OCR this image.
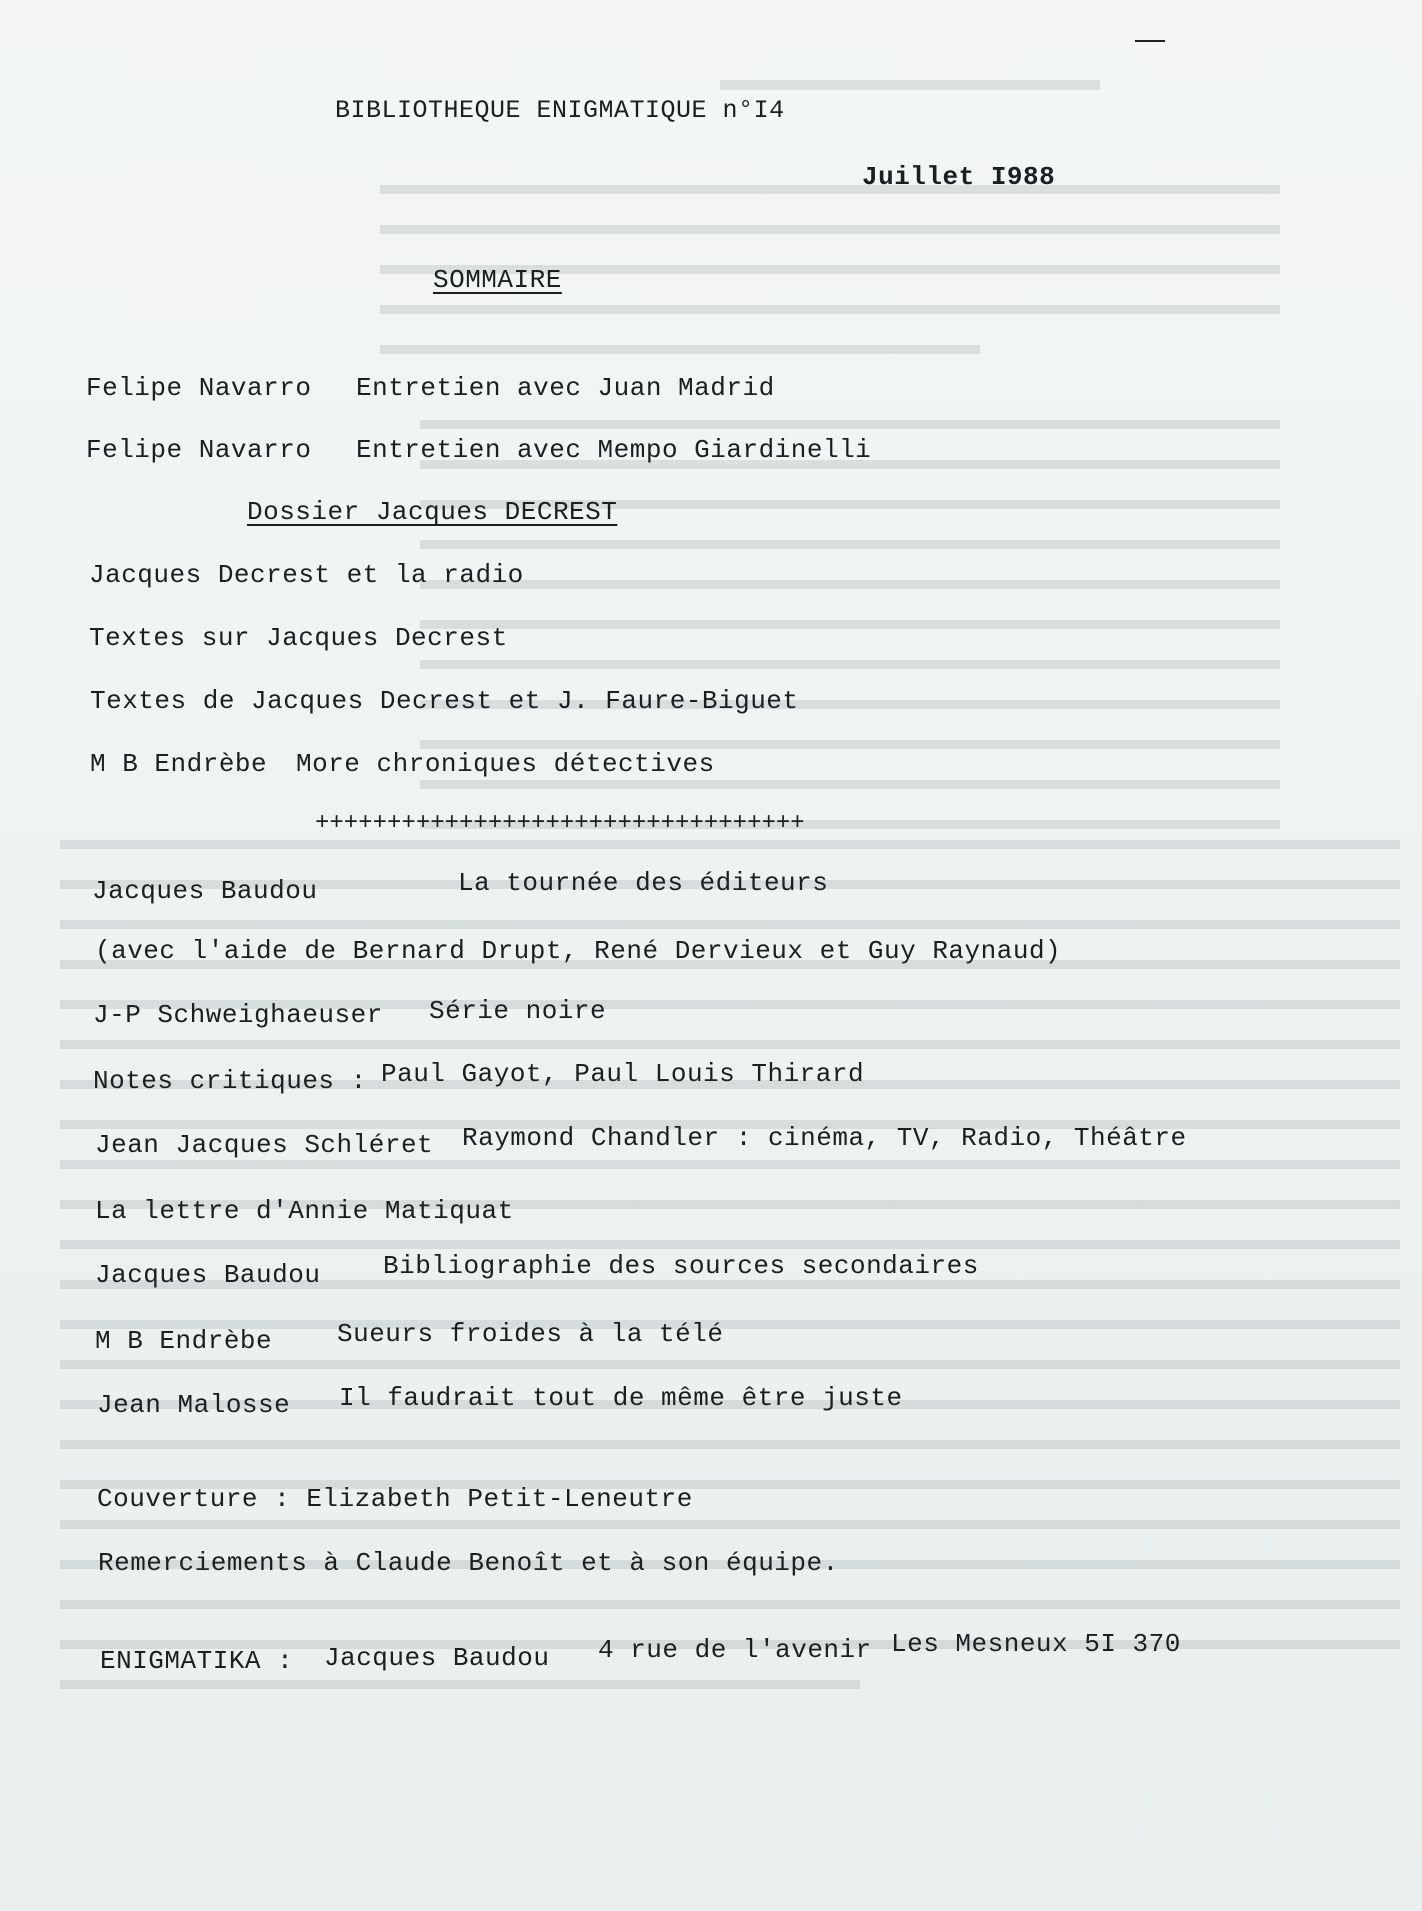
BIBLIOTHEQUE ENIGMATIQUE n°I4
Juillet I988
SOMMAIRE
Felipe Navarro Entretien avec Juan Madrid
Felipe Navarro Entretien avec Mempo Giardinelli
Dossier Jacques DECREST
Jacques Decrest et la radio
Textes sur Jacques Decrest
Textes de Jacques Decrest et J. Faure-Biguet
M B Endrèbe More chroniques détectives
++++++++++++++++++++++++++++++++++
Jacques Baudou	La tournée des éditeurs
(avec l'aide de Bernard Drupt, René Dervieux et Guy Raynaud)
J-P Schweighaeuser Série noire
Notes critiques : Paul Gayot, Paul Louis Thirard
Jean Jacques Schléret Raymond Chandler : cinéma, TV, Radio, Théâtre
La lettre d'Annie Matiquat
Jacques Baudou Bibliographie des sources secondaires
M B Endrèbe Sueurs froides à la télé
Jean Malosse Il faudrait tout de même être juste
Couverture : Elizabeth Petit-Leneutre
Remerciements à Claude Benoît et à son équipe.
ENIGMATIKA : Jacques Baudou 4 rue de l'avenir Les Mesneux 5I 370
